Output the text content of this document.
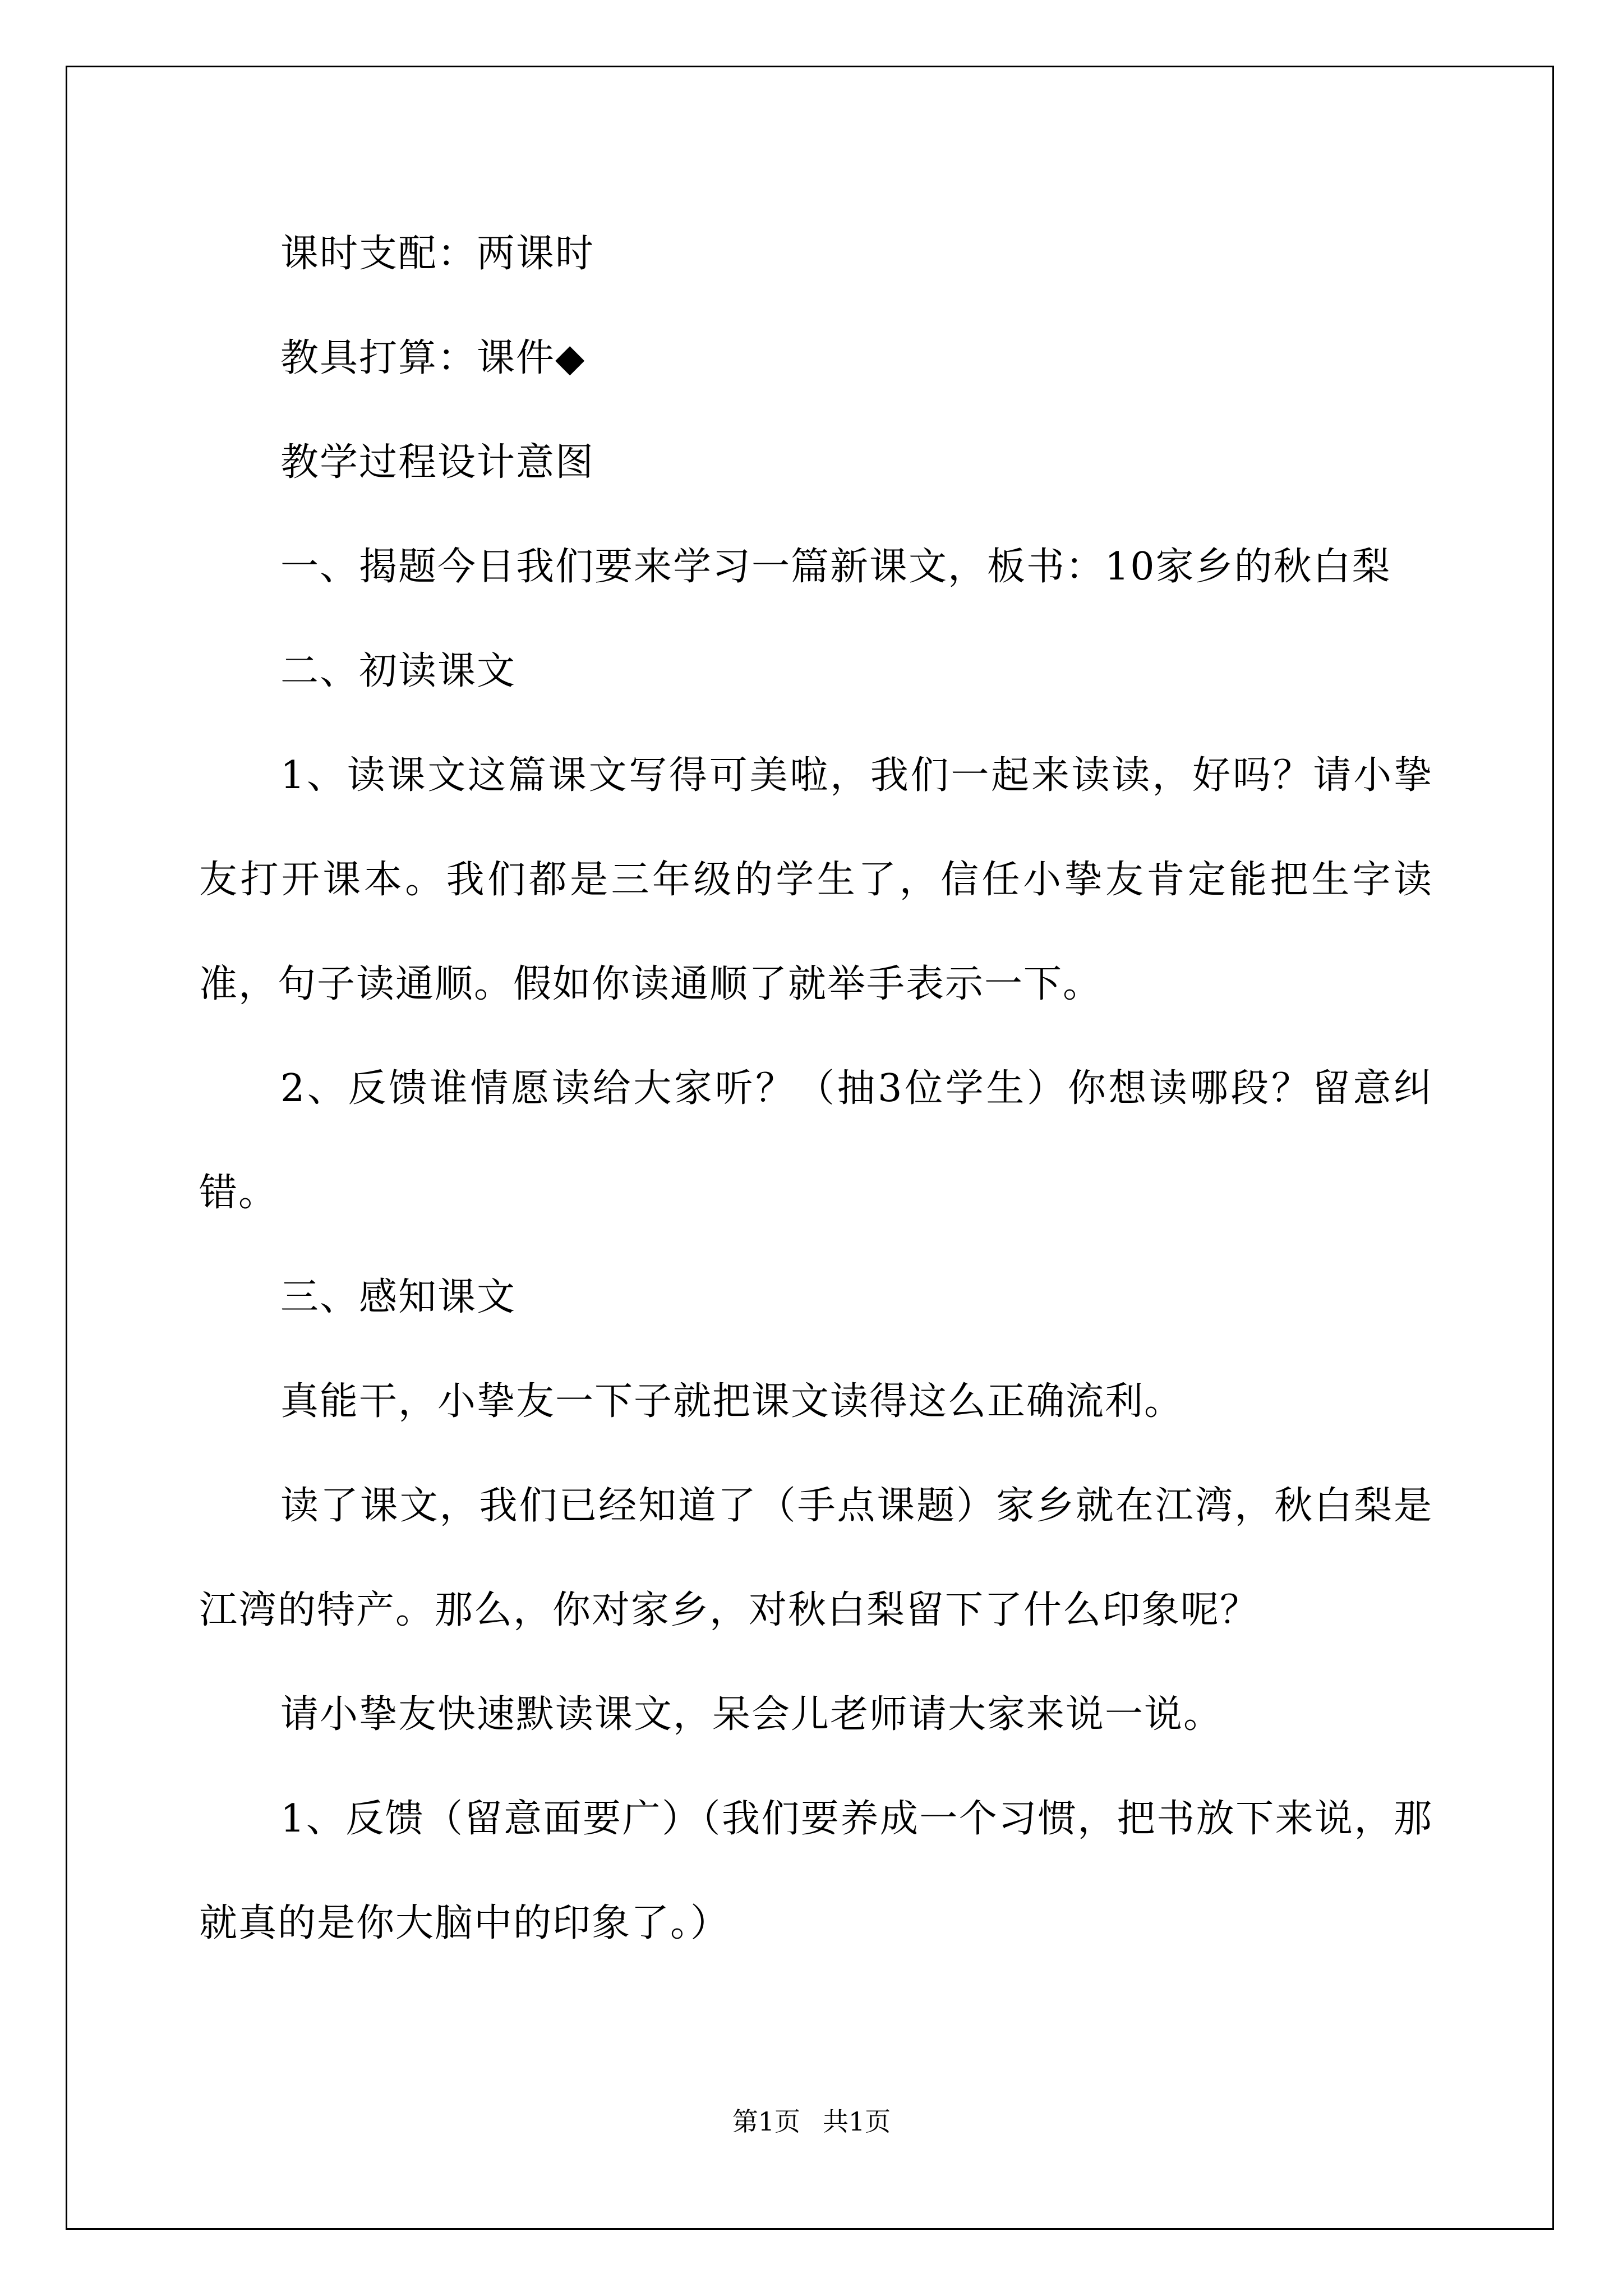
课时支配：两课时

教具打算：课件◆

教学过程设计意图

一、揭题今日我们要来学习一篇新课文，板书：10家乡的秋白梨

二、初读课文

1、读课文这篇课文写得可美啦，我们一起来读读，好吗？请小挚友打开课本。我们都是三年级的学生了，信任小挚友肯定能把生字读准，句子读通顺。假如你读通顺了就举手表示一下。

2、反馈谁情愿读给大家听？（抽3位学生）你想读哪段？留意纠错。

三、感知课文

真能干，小挚友一下子就把课文读得这么正确流利。

读了课文，我们已经知道了（手点课题）家乡就在江湾，秋白梨是江湾的特产。那么，你对家乡，对秋白梨留下了什么印象呢？

请小挚友快速默读课文，呆会儿老师请大家来说一说。

1、反馈（留意面要广）（我们要养成一个习惯，把书放下来说，那就真的是你大脑中的印象了。）

第1页 共1页
